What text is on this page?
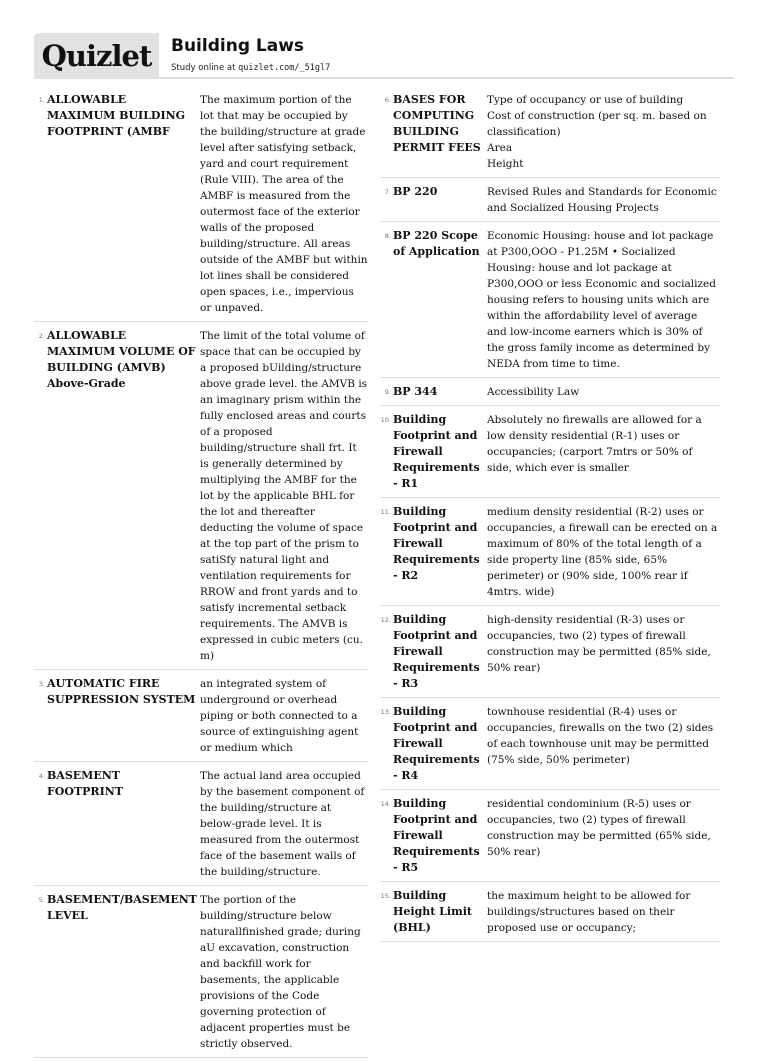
Quizlet	Building Laws
Study online at quizlet.com/_51gl7
1. ALLOWABLE MAXIMUM BUILDING FOOTPRINT (AMBF
The maximum portion of the lot that may be occupied by the building/structure at grade level after satisfying setback, yard and court requirement (Rule VIII). The area of the AMBF is measured from the outermost face of the exterior walls of the proposed building/structure. All areas outside of the AMBF but within lot lines shall be considered open spaces, i.e., impervious or unpaved.
2. ALLOWABLE MAXIMUM VOLUME OF BUILDING (AMVB) Above-Grade
The limit of the total volume of space that can be occupied by a proposed bUilding/structure above grade level. the AMVB is an imaginary prism within the fully enclosed areas and courts of a proposed building/structure shall frt. It is generally determined by multiplying the AMBF for the lot by the applicable BHL for the lot and thereafter deducting the volume of space at the top part of the prism to satiSfy natural light and ventilation requirements for RROW and front yards and to satisfy incremental setback requirements. The AMVB is expressed in cubic meters (cu. m)
3. AUTOMATIC FIRE SUPPRESSION SYSTEM
an integrated system of underground or overhead piping or both connected to a source of extinguishing agent or medium which
4. BASEMENT FOOTPRINT
The actual land area occupied by the basement component of the building/structure at below-grade level. It is measured from the outermost face of the basement walls of the building/structure.
5. BASEMENT/BASEMENT LEVEL
The portion of the building/structure below naturallfinished grade; during aU excavation, construction and backfill work for basements, the applicable provisions of the Code governing protection of adjacent properties must be strictly observed.
6. BASES FOR COMPUTING BUILDING PERMIT FEES
Type of occupancy or use of building
Cost of construction (per sq. m. based on classification)
Area
Height
7. BP 220	Revised Rules and Standards for Economic and Socialized Housing Projects
8. BP 220 Scope of Application
Economic Housing: house and lot package at P300,OOO - P1.25M • Socialized Housing: house and lot package at P300,OOO or less Economic and socialized housing refers to housing units which are within the affordability level of average and low-income earners which is 30% of the gross family income as determined by NEDA from time to time.
9. BP 344	Accessibility Law
10. Building Footprint and Firewall Requirements - R1
Absolutely no firewalls are allowed for a low density residential (R-1) uses or occupancies; (carport 7mtrs or 50% of side, which ever is smaller
11. Building Footprint and Firewall Requirements - R2
medium density residential (R-2) uses or occupancies, a firewall can be erected on a maximum of 80% of the total length of a side property line (85% side, 65% perimeter) or (90% side, 100% rear if 4mtrs. wide)
12. Building Footprint and Firewall Requirements - R3
high-density residential (R-3) uses or occupancies, two (2) types of firewall construction may be permitted (85% side, 50% rear)
13. Building Footprint and Firewall Requirements - R4
townhouse residential (R-4) uses or occupancies, firewalls on the two (2) sides of each townhouse unit may be permitted (75% side, 50% perimeter)
14. Building Footprint and Firewall Requirements - R5
residential condominium (R-5) uses or occupancies, two (2) types of firewall construction may be permitted (65% side, 50% rear)
15. Building Height Limit (BHL)
the maximum height to be allowed for buildings/structures based on their proposed use or occupancy;
